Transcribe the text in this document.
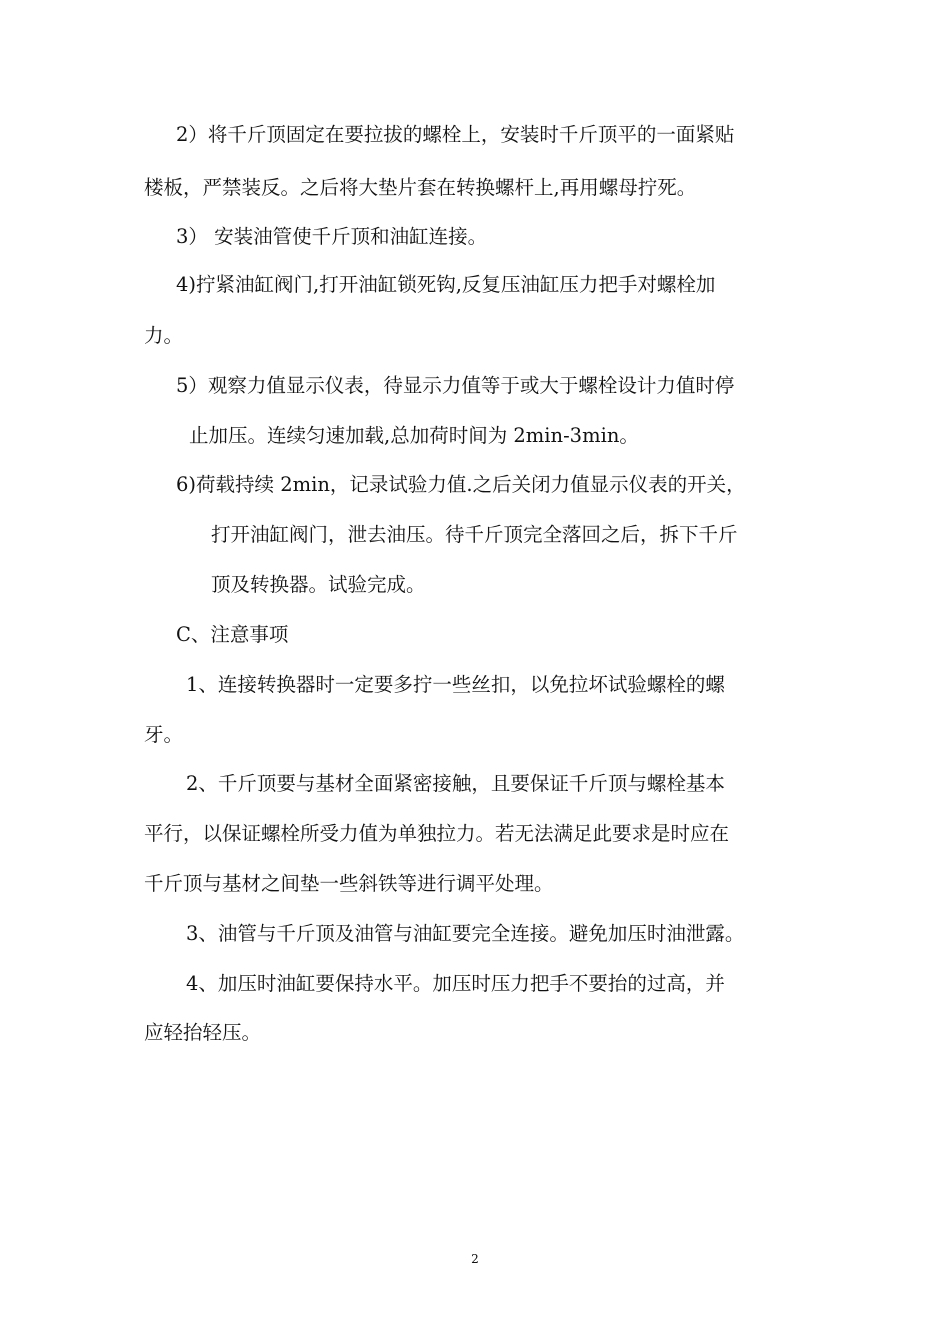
2）将千斤顶固定在要拉拔的螺栓上，安装时千斤顶平的一面紧贴
楼板，严禁装反。之后将大垫片套在转换螺杆上,再用螺母拧死。
3） 安装油管使千斤顶和油缸连接。
4)拧紧油缸阀门,打开油缸锁死钩,反复压油缸压力把手对螺栓加
力。
5）观察力值显示仪表，待显示力值等于或大于螺栓设计力值时停
止加压。连续匀速加载,总加荷时间为 2min-3min。
6)荷载持续 2min，记录试验力值.之后关闭力值显示仪表的开关，
打开油缸阀门，泄去油压。待千斤顶完全落回之后，拆下千斤
顶及转换器。试验完成。
C、注意事项
1、连接转换器时一定要多拧一些丝扣，以免拉坏试验螺栓的螺
牙。
2、千斤顶要与基材全面紧密接触，且要保证千斤顶与螺栓基本
平行，以保证螺栓所受力值为单独拉力。若无法满足此要求是时应在
千斤顶与基材之间垫一些斜铁等进行调平处理。
3、油管与千斤顶及油管与油缸要完全连接。避免加压时油泄露。
4、加压时油缸要保持水平。加压时压力把手不要抬的过高，并
应轻抬轻压。
2
